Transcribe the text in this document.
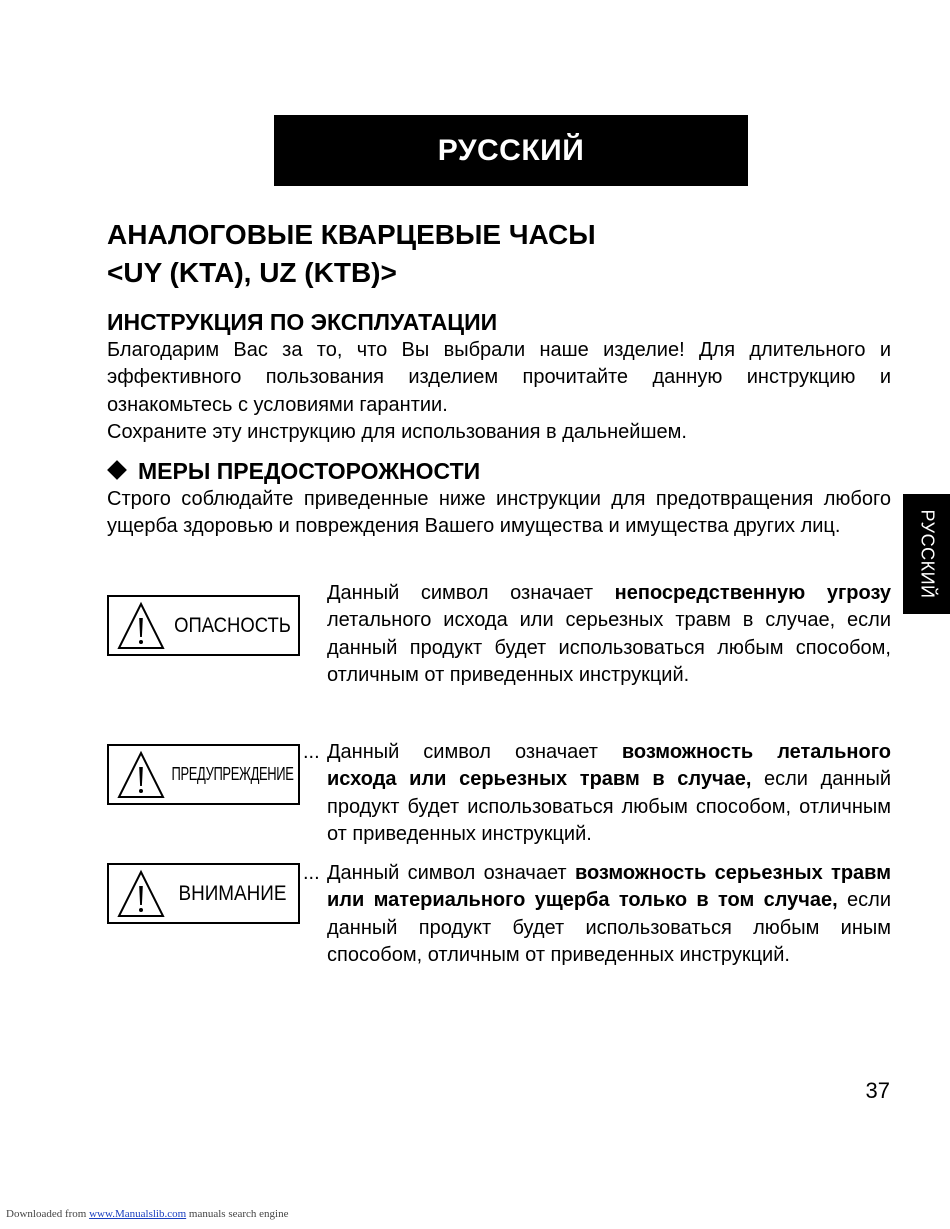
РУССКИЙ
РУССКИЙ
АНАЛОГОВЫЕ КВАРЦЕВЫЕ ЧАСЫ
<UY (KTA), UZ (KTB)>
ИНСТРУКЦИЯ ПО ЭКСПЛУАТАЦИИ

Благодарим Вас за то, что Вы выбрали наше изделие! Для длительного и эффективного пользования изделием прочитайте данную инструкцию и ознакомьтесь с условиями гарантии.

Сохраните эту инструкцию для использования в дальнейшем.

МЕРЫ ПРЕДОСТОРОЖНОСТИ

Строго соблюдайте приведенные ниже инструкции для предотвращения любого ущерба здоровью и повреждения Вашего имущества и имущества других лиц.

ОПАСНОСТЬ

Данный символ означает непосредственную угрозу летального исхода или серьезных травм в случае, если данный продукт будет использоваться любым способом, отличным от приведенных инструкций.

ПРЕДУПРЕЖДЕНИЕ
... Данный символ означает возможность летального исхода или серьезных травм в случае, если данный продукт будет использоваться любым способом, отличным от приведенных инструкций.

ВНИМАНИЕ
... Данный символ означает возможность серьезных травм или материального ущерба только в том случае, если данный продукт будет использоваться любым иным способом, отличным от приведенных инструкций.

37
Downloaded from www.Manualslib.com manuals search engine
